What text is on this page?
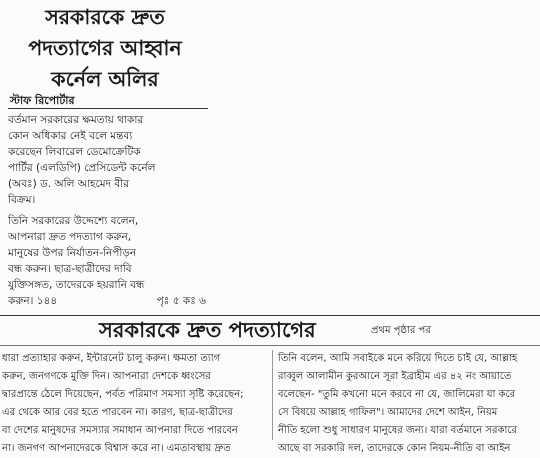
সরকারকে দ্রুত
পদত্যাগের আহ্বান
কর্নেল অলির
স্টাফ রিপোর্টার
বর্তমান সরকারের ক্ষমতায় থাকার
কোন অধিকার নেই বলে মন্তব্য
করেছেন লিবারেল ডেমোক্রেটিক
পার্টির (এলডিপি) প্রেসিডেন্ট কর্নেল
(অবঃ) ড. অলি আহমেদ বীর
বিক্রম।
তিনি সরকারের উদ্দেশ্যে বলেন,
আপনারা দ্রুত পদত্যাগ করুন,
মানুষের উপর নির্যাতন-নিপীড়ন
বন্ধ করুন। ছাত্র-ছাত্রীদের দাবি
যুক্তিসঙ্গত, তাদেরকে হয়রানি বন্ধ
করুন। ১৪৪	পৃঃ ৫ কঃ ৬
সরকারকে দ্রুত পদত্যাগের	প্রথম পৃষ্ঠার পর
ধারা প্রত্যাহার করুন, ইন্টারনেট চালু করুন। ক্ষমতা ত্যাগ
করুন, জনগণকে মুক্তি দিন। আপনারা দেশকে ধ্বংসের
দ্বারপ্রান্তে ঠেলে দিয়েছেন, পর্বত পরিমাণ সমস্যা সৃষ্টি করেছেন;
এর থেকে আর বের হতে পারবেন না। কারণ, ছাত্র-ছাত্রীদের
বা দেশের মানুষদের সমস্যার সমাধান আপনারা দিতে পারবেন
না। জনগণ আপনাদেরকে বিশ্বাস করে না। এমতাবস্থায় দ্রুত
তিনি বলেন, আমি সবাইকে মনে করিয়ে দিতে চাই যে, আল্লাহ
রাব্বুল আলামীন কুরআনে সূরা ইব্রাহীম এর ৪২ নং আয়াতে
বলেছেন- "তুমি কখনো মনে করবে না যে, জালিমেরা যা করে
সে বিষয়ে আল্লাহ গাফিল"। আমাদের দেশে আইন, নিয়ম
নীতি হলো শুধু সাধারণ মানুষের জন্য। যারা বর্তমানে সরকারে
আছে বা সরকারি দল, তাদেরকে কোন নিয়ম-নীতি বা আইন
